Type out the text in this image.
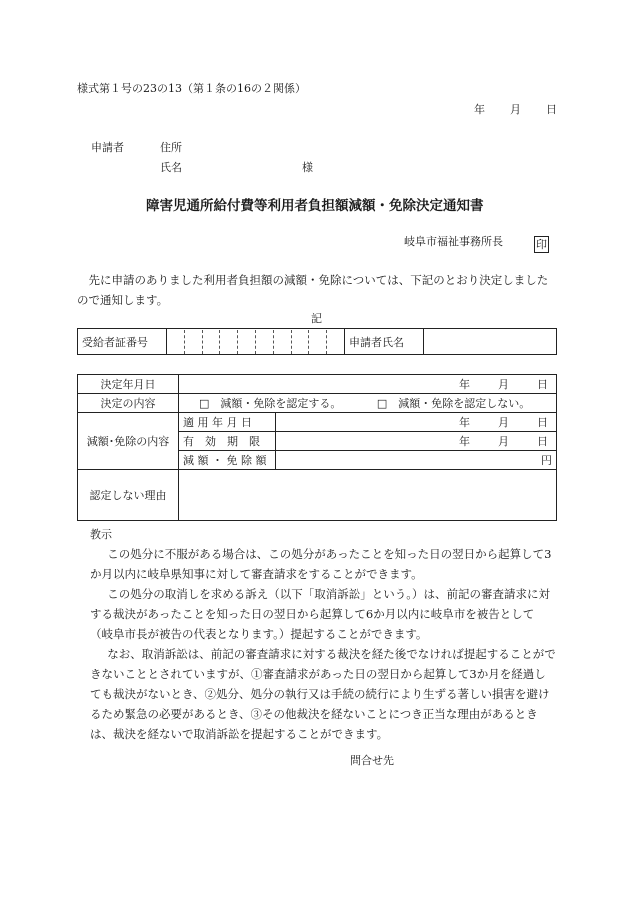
様式第１号の23の13（第１条の16の２関係）
年 月 日
申請者	住所
氏名	様
障害児通所給付費等利用者負担額減額・免除決定通知書
岐阜市福祉事務所長	印
先に申請のありました利用者負担額の減額・免除については、下記のとおり決定しましたので通知します。
記
受給者証番号		申請者氏名	
決定年月日	年 月 日	

決定の内容	□　減額・免除を認定する。 □　減額・免除を認定しない。	
減額･免除の内容	適 用 年 月 日	年 月 日

	有　効　期　限	年 月 日

	減 額 ・ 免 除 額	円
認定しない理由		
教示

この処分に不服がある場合は、この処分があったことを知った日の翌日から起算して3か月以内に岐阜県知事に対して審査請求をすることができます。

この処分の取消しを求める訴え（以下「取消訴訟」という。）は、前記の審査請求に対する裁決があったことを知った日の翌日から起算して6か月以内に岐阜市を被告として（岐阜市長が被告の代表となります。）提起することができます。

なお、取消訴訟は、前記の審査請求に対する裁決を経た後でなければ提起することができないこととされていますが、①審査請求があった日の翌日から起算して3か月を経過しても裁決がないとき、②処分、処分の執行又は手続の続行により生ずる著しい損害を避けるため緊急の必要があるとき、③その他裁決を経ないことにつき正当な理由があるときは、裁決を経ないで取消訴訟を提起することができます。

問合せ先
